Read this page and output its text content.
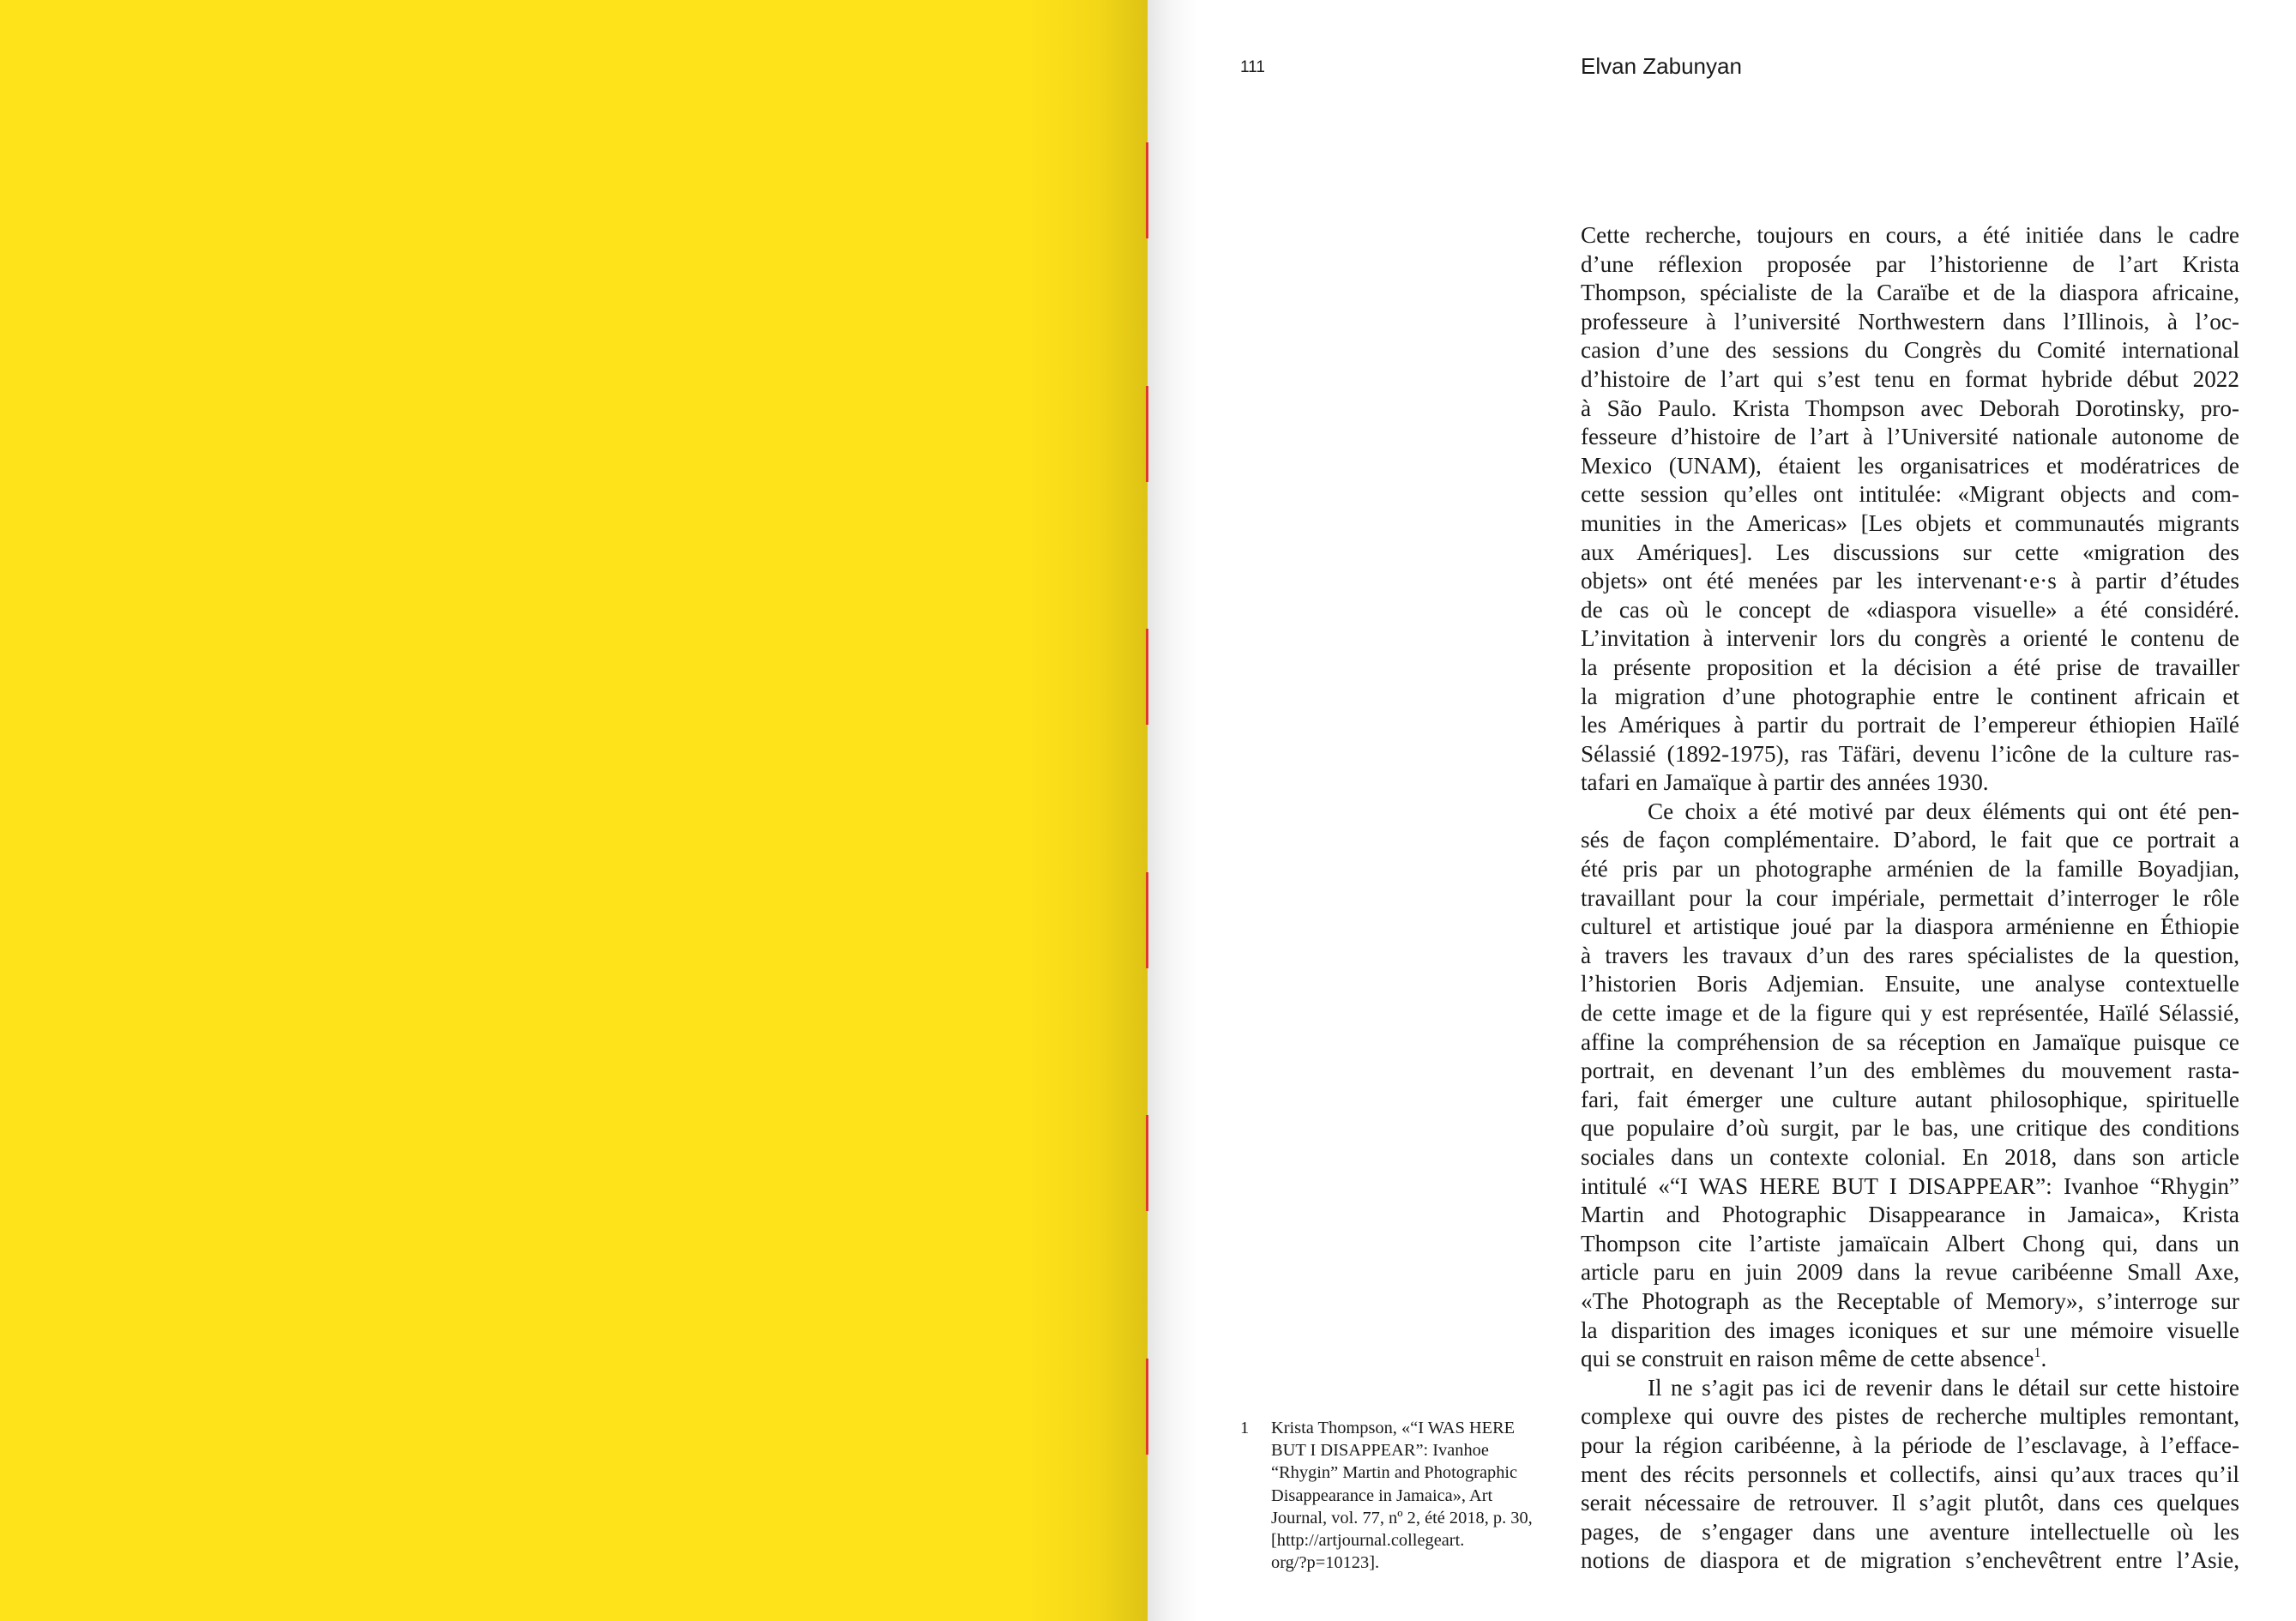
111	Elvan Zabunyan
Cette recherche, toujours en cours, a été initiée dans le cadre
d’une réflexion proposée par l’historienne de l’art Krista
Thompson, spécialiste de la Caraïbe et de la diaspora africaine,
professeure à l’université Northwestern dans l’Illinois, à l’oc-
casion d’une des sessions du Congrès du Comité international
d’histoire de l’art qui s’est tenu en format hybride début 2022
à São Paulo. Krista Thompson avec Deborah Dorotinsky, pro-
fesseure d’histoire de l’art à l’Université nationale autonome de
Mexico (UNAM), étaient les organisatrices et modératrices de
cette session qu’elles ont intitulée: «Migrant objects and com-
munities in the Americas» [Les objets et communautés migrants
aux Amériques]. Les discussions sur cette «migration des
objets» ont été menées par les intervenant·e·s à partir d’études
de cas où le concept de «diaspora visuelle» a été considéré.
L’invitation à intervenir lors du congrès a orienté le contenu de
la présente proposition et la décision a été prise de travailler
la migration d’une photographie entre le continent africain et
les Amériques à partir du portrait de l’empereur éthiopien Haïlé
Sélassié (1892-1975), ras Täfäri, devenu l’icône de la culture ras-
tafari en Jamaïque à partir des années 1930.
Ce choix a été motivé par deux éléments qui ont été pen-
sés de façon complémentaire. D’abord, le fait que ce portrait a
été pris par un photographe arménien de la famille Boyadjian,
travaillant pour la cour impériale, permettait d’interroger le rôle
culturel et artistique joué par la diaspora arménienne en Éthiopie
à travers les travaux d’un des rares spécialistes de la question,
l’historien Boris Adjemian. Ensuite, une analyse contextuelle
de cette image et de la figure qui y est représentée, Haïlé Sélassié,
affine la compréhension de sa réception en Jamaïque puisque ce
portrait, en devenant l’un des emblèmes du mouvement rasta-
fari, fait émerger une culture autant philosophique, spirituelle
que populaire d’où surgit, par le bas, une critique des conditions
sociales dans un contexte colonial. En 2018, dans son article
intitulé «“I WAS HERE BUT I DISAPPEAR”: Ivanhoe “Rhygin”
Martin and Photographic Disappearance in Jamaica», Krista
Thompson cite l’artiste jamaïcain Albert Chong qui, dans un
article paru en juin 2009 dans la revue caribéenne Small Axe,
«The Photograph as the Receptable of Memory», s’interroge sur
la disparition des images iconiques et sur une mémoire visuelle
qui se construit en raison même de cette absence$^1$.
Il ne s’agit pas ici de revenir dans le détail sur cette histoire
complexe qui ouvre des pistes de recherche multiples remontant,
pour la région caribéenne, à la période de l’esclavage, à l’efface-
ment des récits personnels et collectifs, ainsi qu’aux traces qu’il
serait nécessaire de retrouver. Il s’agit plutôt, dans ces quelques
pages, de s’engager dans une aventure intellectuelle où les
notions de diaspora et de migration s’enchevêtrent entre l’Asie,
1 Krista Thompson, «“I WAS HERE
BUT I DISAPPEAR”: Ivanhoe
“Rhygin” Martin and Photographic
Disappearance in Jamaica», Art
Journal, vol. 77, nº 2, été 2018, p. 30,
[http://artjournal.collegeart.
org/?p=10123].
